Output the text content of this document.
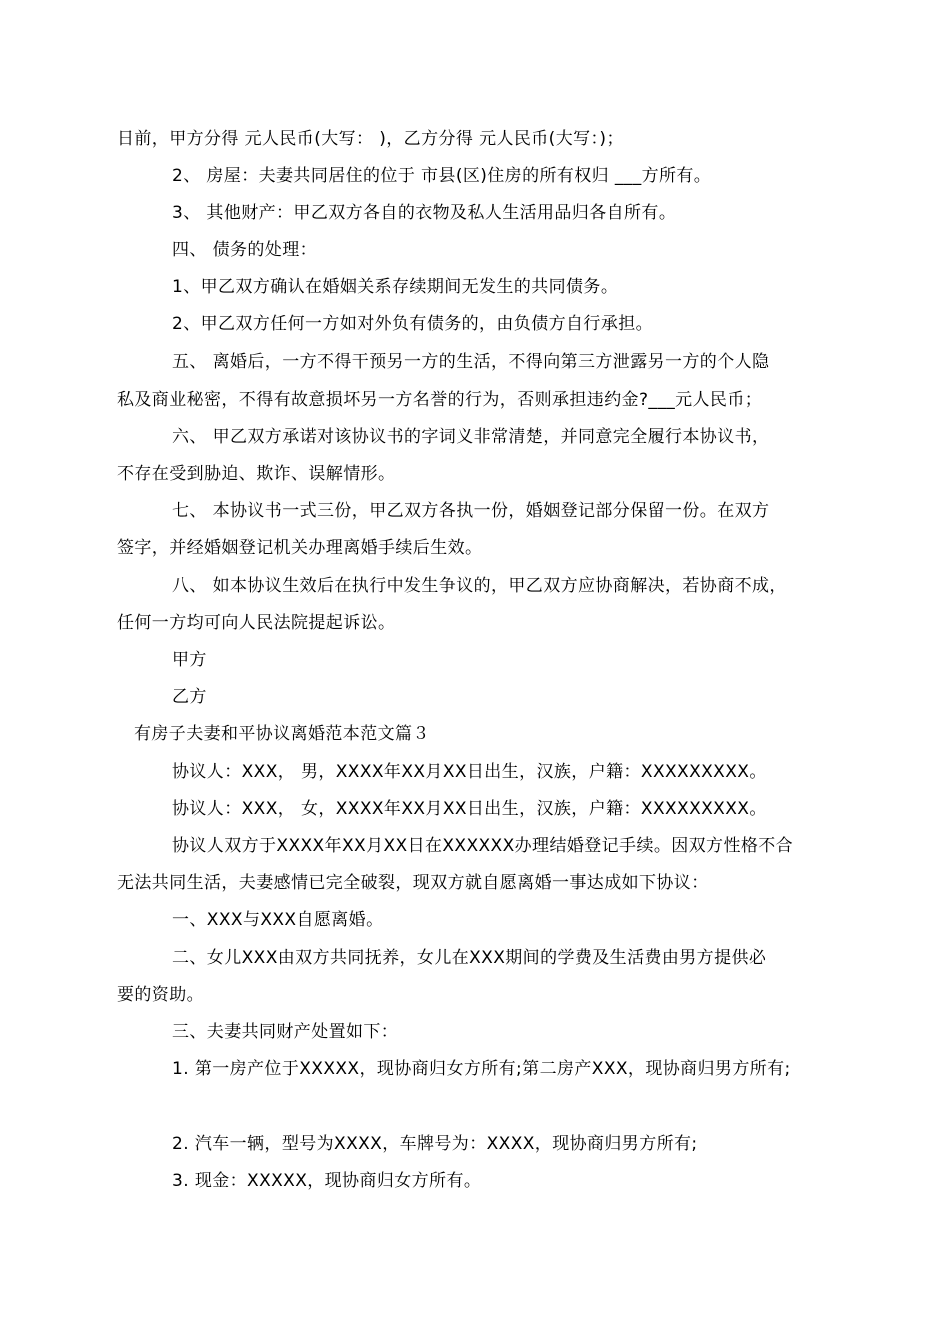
日前，甲方分得 元人民币(大写： )，乙方分得 元人民币(大写：)；
2、 房屋：夫妻共同居住的位于 市县(区)住房的所有权归 ___方所有。
3、 其他财产：甲乙双方各自的衣物及私人生活用品归各自所有。
四、 债务的处理：
1、甲乙双方确认在婚姻关系存续期间无发生的共同债务。
2、甲乙双方任何一方如对外负有债务的，由负债方自行承担。
五、 离婚后，一方不得干预另一方的生活，不得向第三方泄露另一方的个人隐
私及商业秘密，不得有故意损坏另一方名誉的行为，否则承担违约金?___元人民币；
六、 甲乙双方承诺对该协议书的字词义非常清楚，并同意完全履行本协议书，
不存在受到胁迫、欺诈、误解情形。
七、 本协议书一式三份，甲乙双方各执一份，婚姻登记部分保留一份。在双方
签字，并经婚姻登记机关办理离婚手续后生效。
八、 如本协议生效后在执行中发生争议的，甲乙双方应协商解决，若协商不成，
任何一方均可向人民法院提起诉讼。
甲方
乙方
有房子夫妻和平协议离婚范本范文篇３
协议人：XXX， 男，XXXX年XX月XX日出生，汉族，户籍：XXXXXXXXX。
协议人：XXX， 女，XXXX年XX月XX日出生，汉族，户籍：XXXXXXXXX。
协议人双方于XXXX年XX月XX日在XXXXXX办理结婚登记手续。因双方性格不合
无法共同生活，夫妻感情已完全破裂，现双方就自愿离婚一事达成如下协议：
一、XXX与XXX自愿离婚。
二、女儿XXX由双方共同抚养，女儿在XXX期间的学费及生活费由男方提供必
要的资助。
三、夫妻共同财产处置如下：
1. 第一房产位于XXXXX，现协商归女方所有;第二房产XXX，现协商归男方所有;
2. 汽车一辆，型号为XXXX，车牌号为：XXXX，现协商归男方所有;
3. 现金：XXXXX，现协商归女方所有。
